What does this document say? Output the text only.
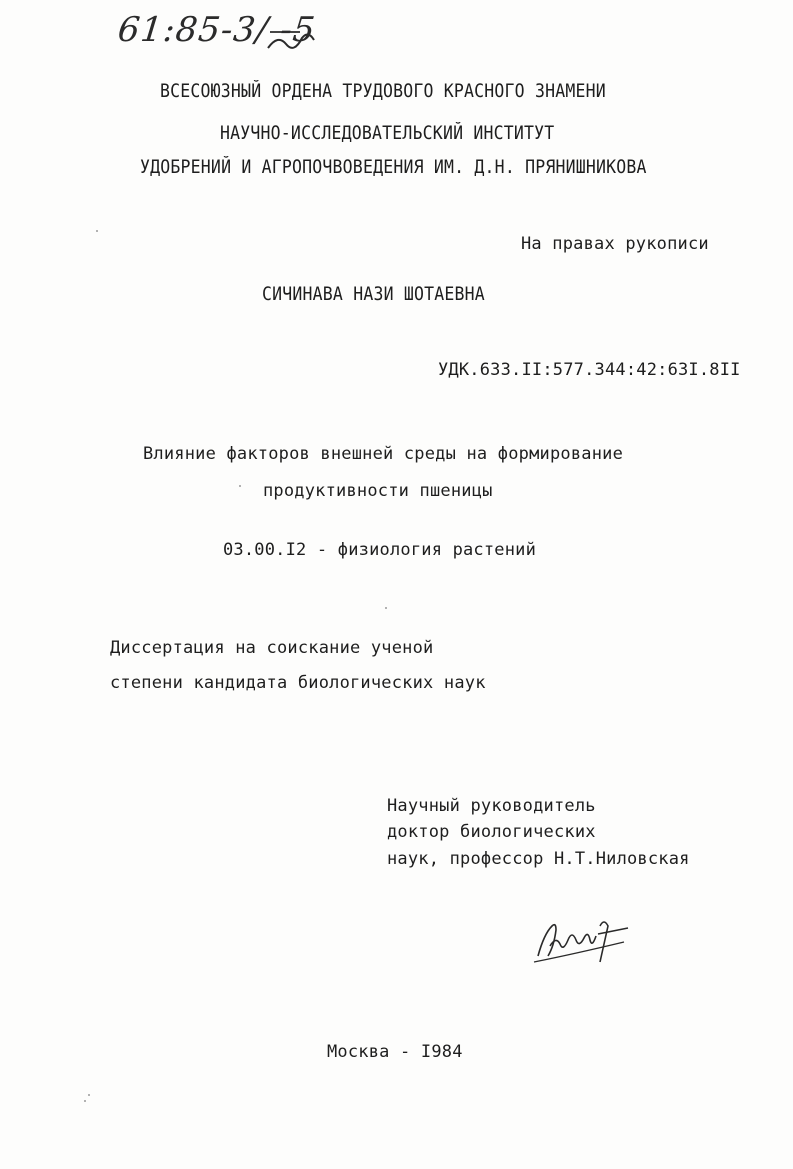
61:85-3/ -5
ВСЕСОЮЗНЫЙ ОРДЕНА ТРУДОВОГО КРАСНОГО ЗНАМЕНИ
НАУЧНО-ИССЛЕДОВАТЕЛЬСКИЙ ИНСТИТУТ
УДОБРЕНИЙ И АГРОПОЧВОВЕДЕНИЯ ИМ. Д.Н. ПРЯНИШНИКОВА
На правах рукописи
СИЧИНАВА НАЗИ ШОТАЕВНА
УДК.633.II:577.344:42:63I.8II
Влияние факторов внешней среды на формирование
продуктивности пшеницы
03.00.I2 - физиология растений
Диссертация на соискание ученой
степени кандидата биологических наук
Научный руководитель
доктор биологических
наук, профессор Н.Т.Ниловская
Москва - I984
